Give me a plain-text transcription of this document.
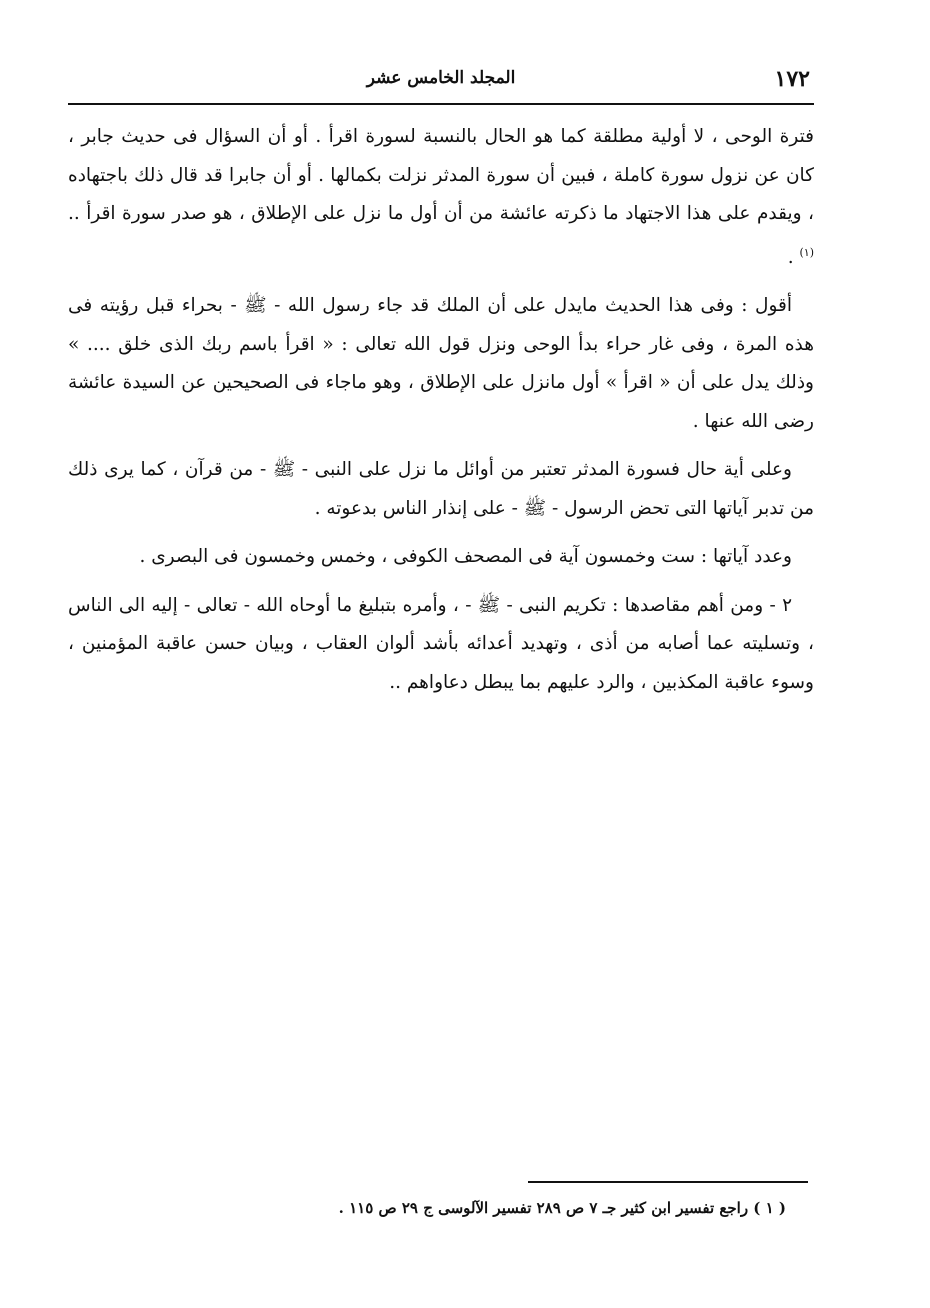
١٧٢
المجلد الخامس عشر

فترة الوحى ، لا أولية مطلقة كما هو الحال بالنسبة لسورة اقرأ . أو أن السؤال فى حديث جابر ، كان عن نزول سورة كاملة ، فبين أن سورة المدثر نزلت بكمالها . أو أن جابرا قد قال ذلك باجتهاده ، ويقدم على هذا الاجتهاد ما ذكرته عائشة من أن أول ما نزل على الإطلاق ، هو صدر سورة اقرأ ..$^{(١)}$ .

أقول : وفى هذا الحديث مايدل على أن الملك قد جاء رسول الله - ﷺ - بحراء قبل رؤيته فى هذه المرة ، وفى غار حراء بدأ الوحى ونزل قول الله تعالى : « اقرأ باسم ربك الذى خلق .... » وذلك يدل على أن « اقرأ » أول مانزل على الإطلاق ، وهو ماجاء فى الصحيحين عن السيدة عائشة رضى الله عنها .

وعلى أية حال فسورة المدثر تعتبر من أوائل ما نزل على النبى - ﷺ - من قرآن ، كما يرى ذلك من تدبر آياتها التى تحض الرسول - ﷺ - على إنذار الناس بدعوته .

وعدد آياتها : ست وخمسون آية فى المصحف الكوفى ، وخمس وخمسون فى البصرى .

٢ - ومن أهم مقاصدها : تكريم النبى - ﷺ - ، وأمره بتبليغ ما أوحاه الله - تعالى - إليه الى الناس ، وتسليته عما أصابه من أذى ، وتهديد أعدائه بأشد ألوان العقاب ، وبيان حسن عاقبة المؤمنين ، وسوء عاقبة المكذبين ، والرد عليهم بما يبطل دعاواهم ..

( ١ ) راجع تفسير ابن كثير جـ ٧ ص ٢٨٩ تفسير الآلوسى ج ٢٩ ص ١١٥ .
